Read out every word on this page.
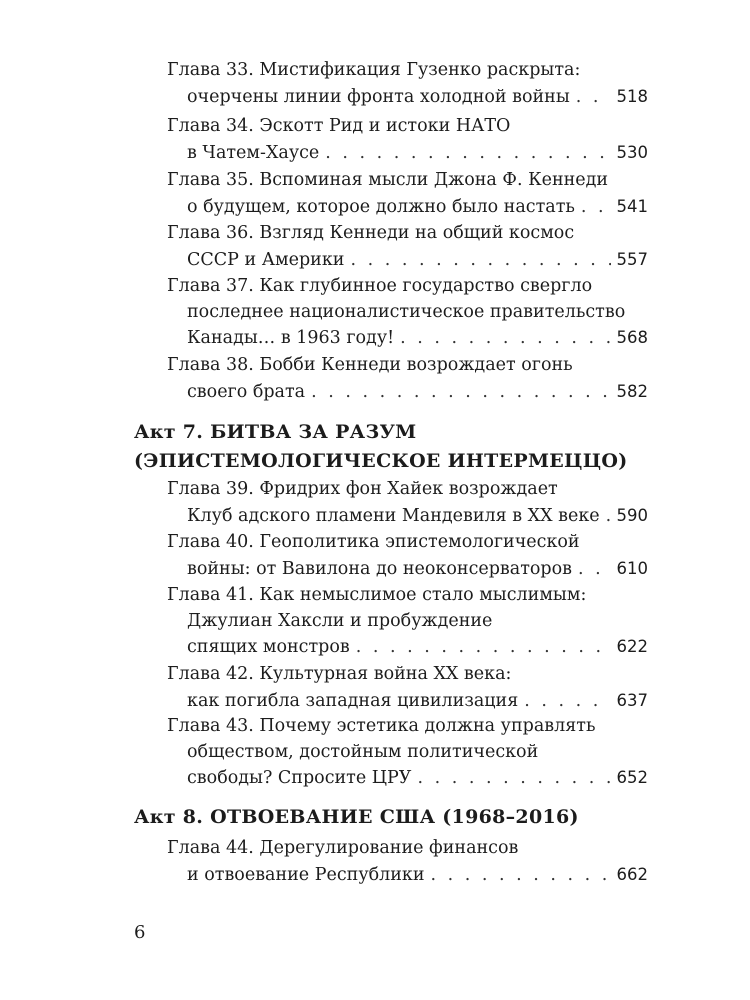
Глава 33. Мистификация Гузенко раскрыта:
очерчены линии фронта холодной войны . . .	518
Глава 34. Эскотт Рид и истоки НАТО
в Чатем-Хаусе . . .	530
Глава 35. Вспоминая мысли Джона Ф. Кеннеди
о будущем, которое должно было настать . . .	541
Глава 36. Взгляд Кеннеди на общий космос
СССР и Америки . . .	557
Глава 37. Как глубинное государство свергло
последнее националистическое правительство
Канады… в 1963 году! . . .	568
Глава 38. Бобби Кеннеди возрождает огонь
своего брата . . .	582
Акт 7. БИТВА ЗА РАЗУМ
(ЭПИСТЕМОЛОГИЧЕСКОЕ ИНТЕРМЕЦЦО)
Глава 39. Фридрих фон Хайек возрождает
Клуб адского пламени Мандевиля в XX веке . . . 590
Глава 40. Геополитика эпистемологической
войны: от Вавилона до неоконсерваторов . . .	610
Глава 41. Как немыслимое стало мыслимым:
Джулиан Хаксли и пробуждение
спящих монстров . . .	622
Глава 42. Культурная война XX века:
как погибла западная цивилизация . . .	637
Глава 43. Почему эстетика должна управлять
обществом, достойным политической
свободы? Спросите ЦРУ . . .	652
Акт 8. ОТВОЕВАНИЕ США (1968–2016)
Глава 44. Дерегулирование финансов
и отвоевание Республики . . .	662
6
